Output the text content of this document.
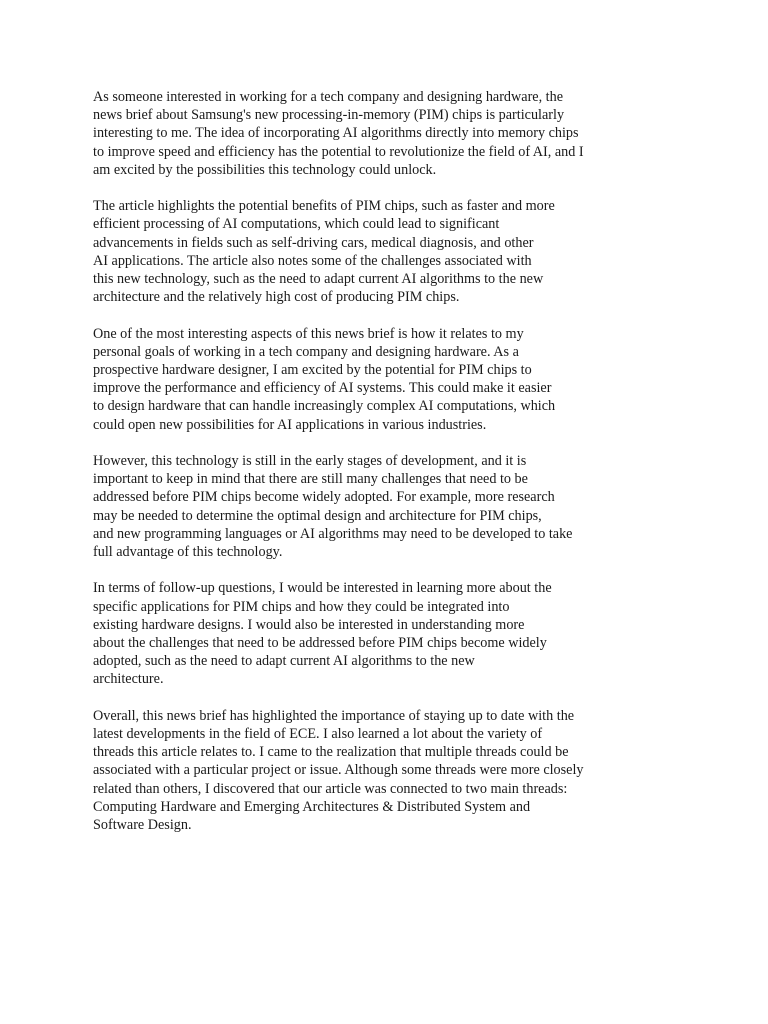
As someone interested in working for a tech company and designing hardware, the
news brief about Samsung's new processing-in-memory (PIM) chips is particularly
interesting to me. The idea of incorporating AI algorithms directly into memory chips
to improve speed and efficiency has the potential to revolutionize the field of AI, and I
am excited by the possibilities this technology could unlock.
The article highlights the potential benefits of PIM chips, such as faster and more
efficient processing of AI computations, which could lead to significant
advancements in fields such as self-driving cars, medical diagnosis, and other
AI applications. The article also notes some of the challenges associated with
this new technology, such as the need to adapt current AI algorithms to the new
architecture and the relatively high cost of producing PIM chips.
One of the most interesting aspects of this news brief is how it relates to my
personal goals of working in a tech company and designing hardware. As a
prospective hardware designer, I am excited by the potential for PIM chips to
improve the performance and efficiency of AI systems. This could make it easier
to design hardware that can handle increasingly complex AI computations, which
could open new possibilities for AI applications in various industries.
However, this technology is still in the early stages of development, and it is
important to keep in mind that there are still many challenges that need to be
addressed before PIM chips become widely adopted. For example, more research
may be needed to determine the optimal design and architecture for PIM chips,
and new programming languages or AI algorithms may need to be developed to take
full advantage of this technology.
In terms of follow-up questions, I would be interested in learning more about the
specific applications for PIM chips and how they could be integrated into
existing hardware designs. I would also be interested in understanding more
about the challenges that need to be addressed before PIM chips become widely
adopted, such as the need to adapt current AI algorithms to the new
architecture.
Overall, this news brief has highlighted the importance of staying up to date with the
latest developments in the field of ECE. I also learned a lot about the variety of
threads this article relates to. I came to the realization that multiple threads could be
associated with a particular project or issue. Although some threads were more closely
related than others, I discovered that our article was connected to two main threads:
Computing Hardware and Emerging Architectures & Distributed System and
Software Design.
